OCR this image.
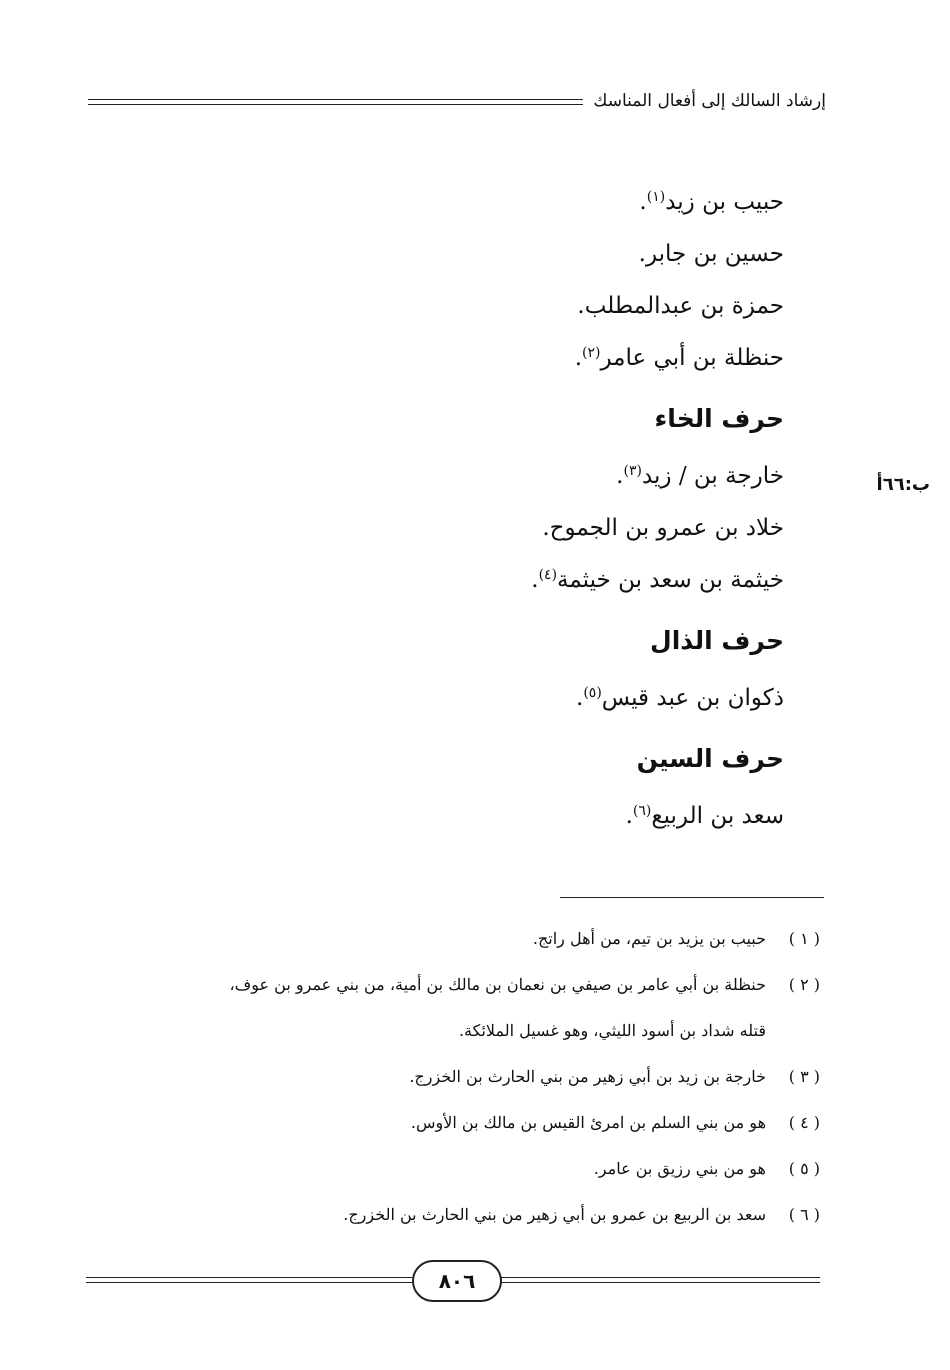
إرشاد السالك إلى أفعال المناسك
ب:٦٦أ
حبيب بن زيد$^{(١)}$.
حسين بن جابر.
حمزة بن عبدالمطلب.
حنظلة بن أبي عامر$^{(٢)}$.
حرف الخاء
خارجة بن / زيد$^{(٣)}$.
خلاد بن عمرو بن الجموح.
خيثمة بن سعد بن خيثمة$^{(٤)}$.
حرف الذال
ذكوان بن عبد قيس$^{(٥)}$.
حرف السين
سعد بن الربيع$^{(٦)}$.
( ١ )
حبيب بن يزيد بن تيم، من أهل راتج.
( ٢ )
حنظلة بن أبي عامر بن صيفي بن نعمان بن مالك بن أمية، من بني عمرو بن عوف،
قتله شداد بن أسود الليثي، وهو غسيل الملائكة.
( ٣ )
خارجة بن زيد بن أبي زهير من بني الحارث بن الخزرج.
( ٤ )
هو من بني السلم بن امرئ القيس بن مالك بن الأوس.
( ٥ )
هو من بني رزيق بن عامر.
( ٦ )
سعد بن الربيع بن عمرو بن أبي زهير من بني الحارث بن الخزرج.
٨٠٦
